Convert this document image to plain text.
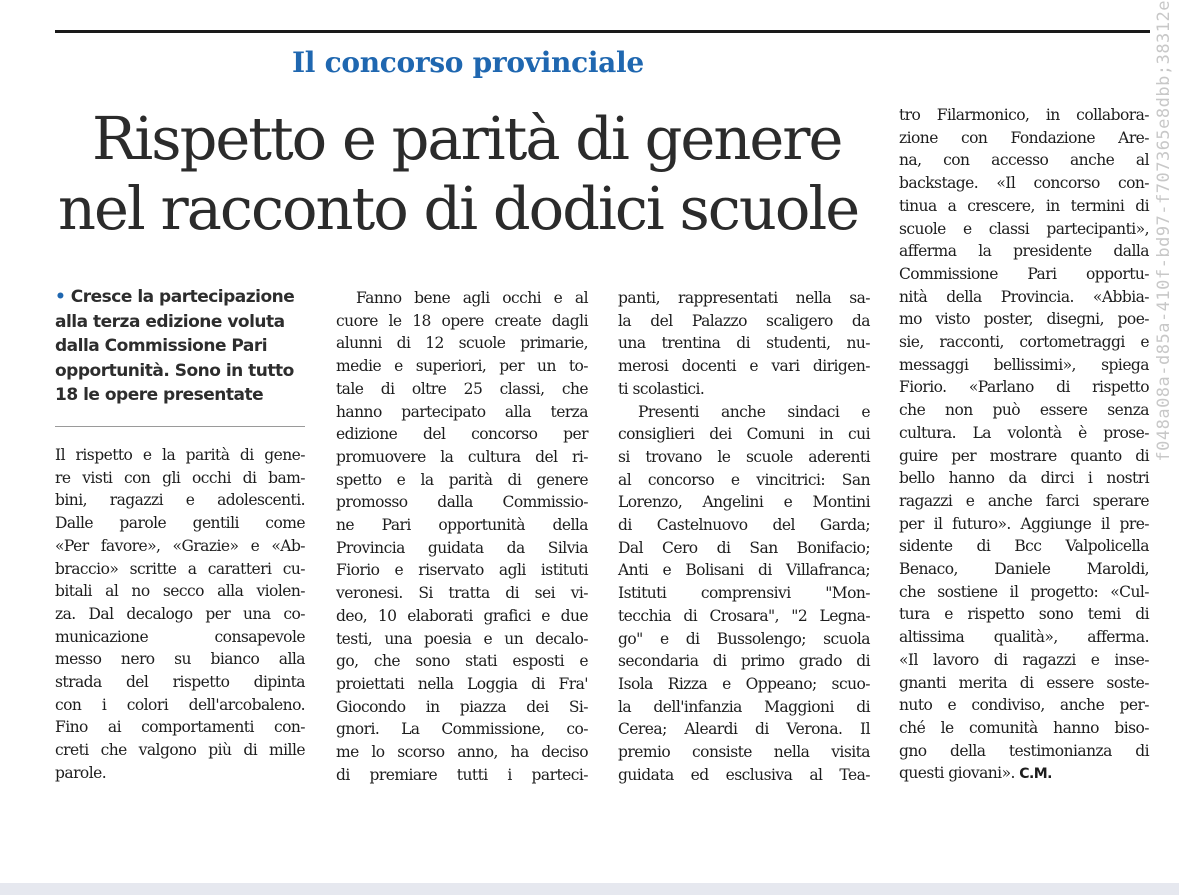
Il concorso provinciale
Rispetto e parità di genere
nel racconto di dodici scuole
• Cresce la partecipazione
alla terza edizione voluta
dalla Commissione Pari
opportunità. Sono in tutto
18 le opere presentate
Il rispetto e la parità di gene-
re visti con gli occhi di bam-
bini, ragazzi e adolescenti.
Dalle parole gentili come
«Per favore», «Grazie» e «Ab-
braccio» scritte a caratteri cu-
bitali al no secco alla violen-
za. Dal decalogo per una co-
municazione consapevole
messo nero su bianco alla
strada del rispetto dipinta
con i colori dell'arcobaleno.
Fino ai comportamenti con-
creti che valgono più di mille
parole.
Fanno bene agli occhi e al
cuore le 18 opere create dagli
alunni di 12 scuole primarie,
medie e superiori, per un to-
tale di oltre 25 classi, che
hanno partecipato alla terza
edizione del concorso per
promuovere la cultura del ri-
spetto e la parità di genere
promosso dalla Commissio-
ne Pari opportunità della
Provincia guidata da Silvia
Fiorio e riservato agli istituti
veronesi. Si tratta di sei vi-
deo, 10 elaborati grafici e due
testi, una poesia e un decalo-
go, che sono stati esposti e
proiettati nella Loggia di Fra'
Giocondo in piazza dei Si-
gnori. La Commissione, co-
me lo scorso anno, ha deciso
di premiare tutti i parteci-
panti, rappresentati nella sa-
la del Palazzo scaligero da
una trentina di studenti, nu-
merosi docenti e vari dirigen-
ti scolastici.
Presenti anche sindaci e
consiglieri dei Comuni in cui
si trovano le scuole aderenti
al concorso e vincitrici: San
Lorenzo, Angelini e Montini
di Castelnuovo del Garda;
Dal Cero di San Bonifacio;
Anti e Bolisani di Villafranca;
Istituti comprensivi "Mon-
tecchia di Crosara", "2 Legna-
go" e di Bussolengo; scuola
secondaria di primo grado di
Isola Rizza e Oppeano; scuo-
la dell'infanzia Maggioni di
Cerea; Aleardi di Verona. Il
premio consiste nella visita
guidata ed esclusiva al Tea-
tro Filarmonico, in collabora-
zione con Fondazione Are-
na, con accesso anche al
backstage. «Il concorso con-
tinua a crescere, in termini di
scuole e classi partecipanti»,
afferma la presidente dalla
Commissione Pari opportu-
nità della Provincia. «Abbia-
mo visto poster, disegni, poe-
sie, racconti, cortometraggi e
messaggi bellissimi», spiega
Fiorio. «Parlano di rispetto
che non può essere senza
cultura. La volontà è prose-
guire per mostrare quanto di
bello hanno da dirci i nostri
ragazzi e anche farci sperare
per il futuro». Aggiunge il pre-
sidente di Bcc Valpolicella
Benaco, Daniele Maroldi,
che sostiene il progetto: «Cul-
tura e rispetto sono temi di
altissima qualità», afferma.
«Il lavoro di ragazzi e inse-
gnanti merita di essere soste-
nuto e condiviso, anche per-
ché le comunità hanno biso-
gno della testimonianza di
questi giovani». C.M.
f048a08a-d85a-410f-bd97-f707365e8dbb;38312e
